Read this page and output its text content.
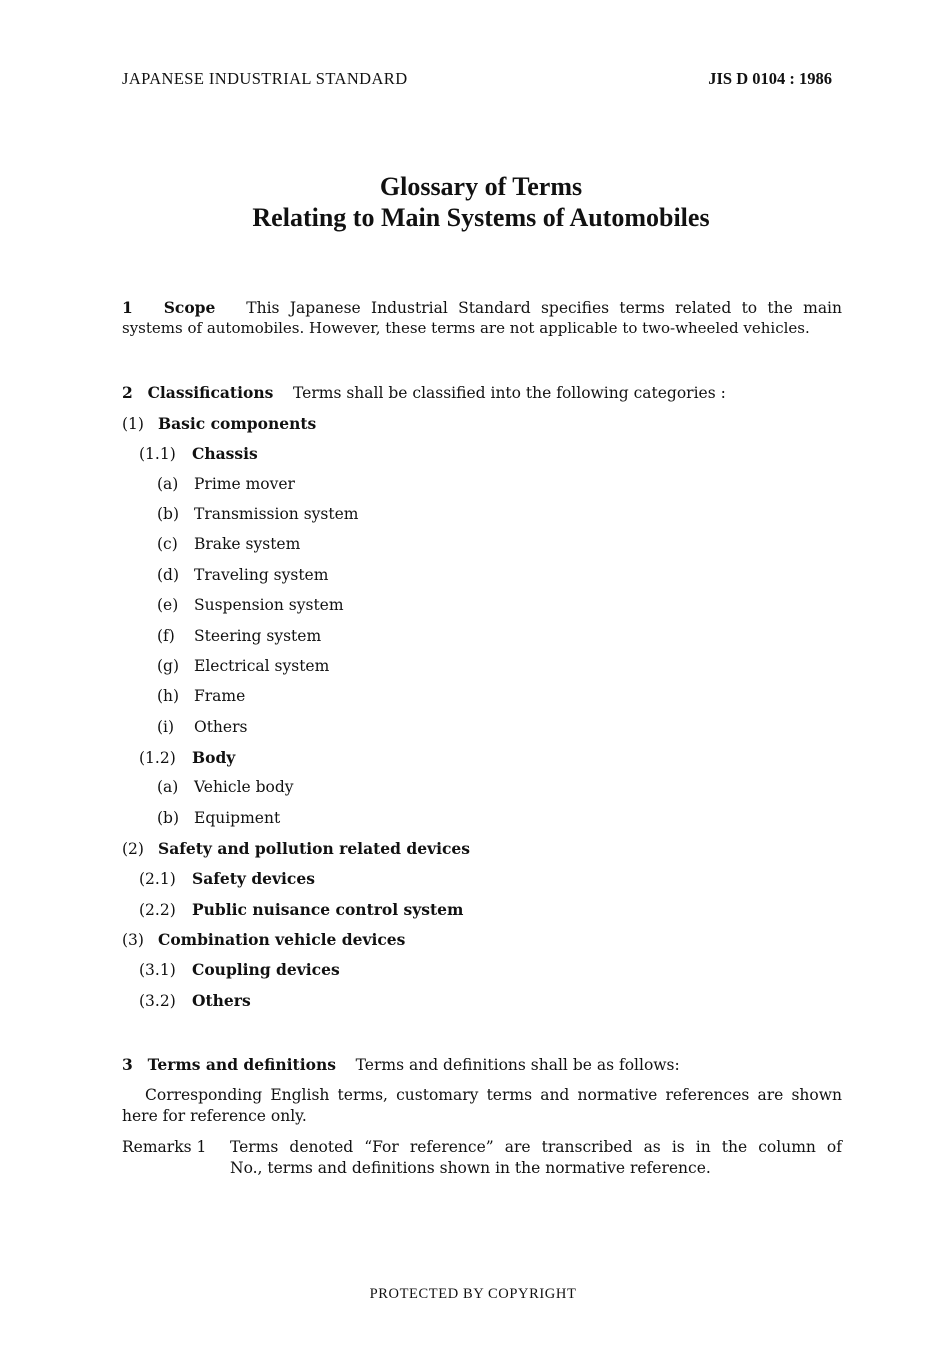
JAPANESE INDUSTRIAL STANDARD	JIS D 0104 : 1986
Glossary of Terms
Relating to Main Systems of Automobiles
1 Scope This Japanese Industrial Standard specifies terms related to the main
systems of automobiles. However, these terms are not applicable to two-wheeled vehicles.
2 Classifications Terms shall be classified into the following categories :
(1) Basic components
(1.1) Chassis
(a) Prime mover
(b) Transmission system
(c) Brake system
(d) Traveling system
(e) Suspension system
(f) Steering system
(g) Electrical system
(h) Frame
(i) Others
(1.2) Body
(a) Vehicle body
(b) Equipment
(2) Safety and pollution related devices
(2.1) Safety devices
(2.2) Public nuisance control system
(3) Combination vehicle devices
(3.1) Coupling devices
(3.2) Others
3 Terms and definitions Terms and definitions shall be as follows:
Corresponding English terms, customary terms and normative references are shown
here for reference only.
Remarks 1 Terms denoted “For reference” are transcribed as is in the column of
No., terms and definitions shown in the normative reference.
PROTECTED BY COPYRIGHT
